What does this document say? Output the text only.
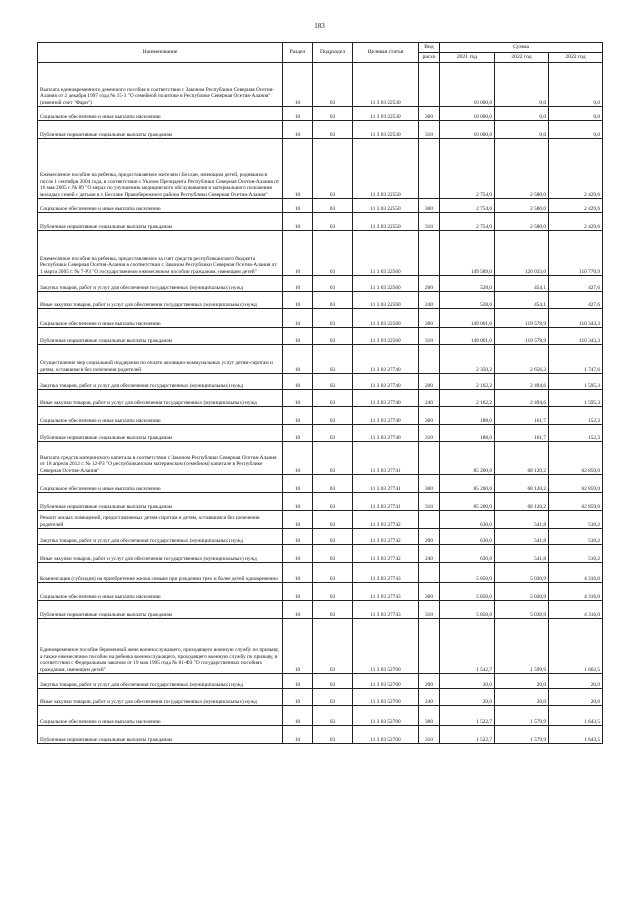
183
Наименование	Раздел	Подраздел	Целевая статья	Вид	Сумма		
				расхо	2021 год	2022 год	2022 год
Выплата единовременного денежного пособия в соответствии с Законом Республики Северная Осетия-Алания от 2 декабря 1997 года № 15-3 "О семейной политике в Республике Северная Осетия-Алания" (именной счет "Фарн")	10	03	11 3 03 22530		10 000,0	0,0	0,0
Социальное обеспечение и иные выплаты населению	10	03	11 3 03 22530	300	10 000,0	0,0	0,0
Публичные нормативные социальные выплаты гражданам	10	03	11 3 03 22530	310	10 000,0	0,0	0,0
Ежемесячное пособие на ребенка, предоставляемое жителям г.Беслан, имеющим детей, родившихся после 1 сентября 2004 года, в соответствии с Указом Президента Республики Северная Осетия-Алания от 16 мая 2005 г. № 89 "О мерах по улучшению медицинского обслуживания и материального положения молодых семей с детьми в г. Беслане Правобережного района Республики Северная Осетия-Алания"	10	03	11 3 03 22550		2 754,0	2 580,0	2 429,6
Социальное обеспечение и иные выплаты населению	10	03	11 3 03 22550	300	2 754,0	2 580,0	2 429,6
Публичные нормативные социальные выплаты гражданам	10	03	11 3 03 22550	310	2 754,0	2 580,0	2 429,6
Ежемесячное пособие на ребенка, предоставляемое за счет средств республиканского бюджета Республики Северная Осетия-Алания в соответствии с Законом Республики Северная Осетия-Алания от 1 марта 2005 г. № 7-РЗ "О государственном ежемесячном пособии гражданам, имеющим детей"	10	03	11 3 03 22560		149 589,0	120 033,0	110 770,9
Закупка товаров, работ и услуг для обеспечения государственных (муниципальных) нужд	10	03	11 3 03 22560	200	528,0	454,1	427,6
Иные закупки товаров, работ и услуг для обеспечения государственных (муниципальных) нужд	10	03	11 3 03 22560	240	528,0	454,1	427,6
Социальное обеспечение и иные выплаты населению	10	03	11 3 03 22560	300	149 061,0	119 578,9	110 343,3
Публичные нормативные социальные выплаты гражданам	10	03	11 3 03 22560	310	149 061,0	119 578,9	110 343,3
Осуществление мер социальной поддержки по оплате жилищно-коммунальных услуг детям-сиротам и детям, оставшимся без попечения родителей	10	03	11 3 03 27740		2 350,2	2 656,3	1 747,6
Закупка товаров, работ и услуг для обеспечения государственных (муниципальных) нужд	10	03	11 3 03 27740	200	2 162,2	2 494,6	1 595,3
Иные закупки товаров, работ и услуг для обеспечения государственных (муниципальных) нужд	10	03	11 3 03 27740	240	2 162,2	2 494,6	1 595,3
Социальное обеспечение и иные выплаты населению	10	03	11 3 03 27740	300	188,0	161,7	152,3
Публичные нормативные социальные выплаты гражданам	10	03	11 3 03 27740	310	188,0	161,7	152,3
Выплата средств материнского капитала в соответствии с Законом Республики Северная Осетия-Алания от 18 апреля 2012 г. № 12-РЗ "О республиканском материнском (семейном) капитале в Республике Северная Осетия-Алания"	10	03	11 3 03 27741		85 200,0	68 120,2	62 859,0
Социальное обеспечение и иные выплаты населению	10	03	11 3 03 27741	300	85 200,0	68 120,2	62 859,0
Публичные нормативные социальные выплаты гражданам	10	03	11 3 03 27741	310	85 200,0	68 120,2	62 859,0
Ремонт жилых помещений, предоставляемых детям-сиротам и детям, оставшимся без попечения родителей	10	03	11 3 03 27742		630,0	541,8	510,2
Закупка товаров, работ и услуг для обеспечения государственных (муниципальных) нужд	10	03	11 3 03 27742	200	630,0	541,8	510,2
Иные закупки товаров, работ и услуг для обеспечения государственных (муниципальных) нужд	10	03	11 3 03 27742	240	630,0	541,8	510,2
Компенсация (субсидия) на приобретение жилья семьям при рождении трех и более детей одновременно	10	03	11 3 03 27743		5 850,0	5 030,9	4 316,0
Социальное обеспечение и иные выплаты населению	10	03	11 3 03 27743	300	5 850,0	5 030,9	4 316,0
Публичные нормативные социальные выплаты гражданам	10	03	11 3 03 27743	310	5 850,0	5 030,9	4 316,0
Единовременное пособие беременной жене военнослужащего, проходящего военную службу по призыву, а также ежемесячное пособие на ребенка военнослужащего, проходящего военную службу по призыву, в соответствии с Федеральным законом от 19 мая 1995 года № 81-ФЗ "О государственных пособиях гражданам, имеющим детей"	10	03	11 3 03 52700		1 542,7	1 599,9	1 663,5
Закупка товаров, работ и услуг для обеспечения государственных (муниципальных) нужд	10	03	11 3 03 52700	200	20,0	20,0	20,0
Иные закупки товаров, работ и услуг для обеспечения государственных (муниципальных) нужд	10	03	11 3 03 52700	240	20,0	20,0	20,0
Социальное обеспечение и иные выплаты населению	10	03	11 3 03 52700	300	1 522,7	1 579,9	1 643,5
Публичные нормативные социальные выплаты гражданам	10	03	11 3 03 52700	310	1 522,7	1 579,9	1 643,5
